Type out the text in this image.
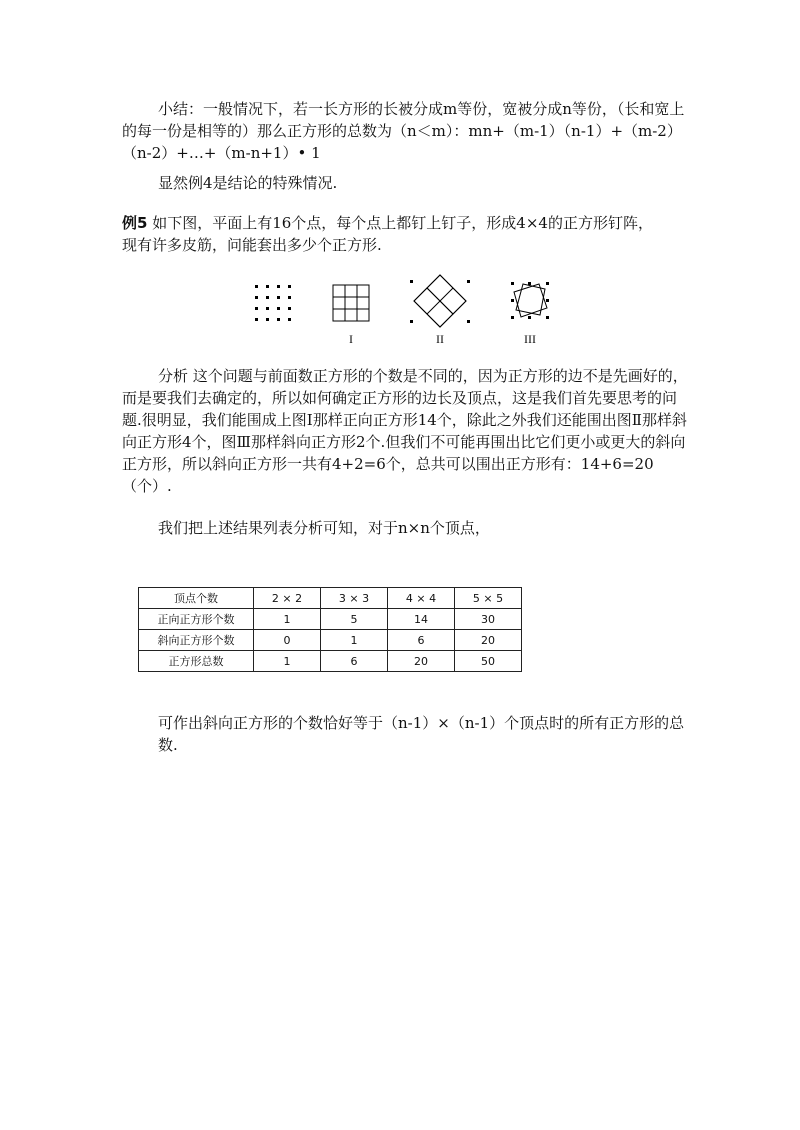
小结：一般情况下，若一长方形的长被分成m等份，宽被分成n等份，（长和宽上的每一份是相等的）那么正方形的总数为（n＜m）：mn+（m-1）（n-1）+（m-2）（n-2）+…+（m-n+1）• 1

显然例4是结论的特殊情况.

例5 如下图，平面上有16个点，每个点上都钉上钉子，形成4×4的正方形钉阵，现有许多皮筋，问能套出多少个正方形.

I	II	III

分析 这个问题与前面数正方形的个数是不同的，因为正方形的边不是先画好的，而是要我们去确定的，所以如何确定正方形的边长及顶点，这是我们首先要思考的问题.很明显，我们能围成上图Ⅰ那样正向正方形14个，除此之外我们还能围出图Ⅱ那样斜向正方形4个，图Ⅲ那样斜向正方形2个.但我们不可能再围出比它们更小或更大的斜向正方形，所以斜向正方形一共有4+2=6个，总共可以围出正方形有：14+6=20（个）.

我们把上述结果列表分析可知，对于n×n个顶点，

顶点个数	2 × 2	3 × 3	4 × 4	5 × 5
正向正方形个数	1	5	14	30
斜向正方形个数	0	1	6	20
正方形总数	1	6	20	50

可作出斜向正方形的个数恰好等于（n-1）×（n-1）个顶点时的所有正方形的总数.
